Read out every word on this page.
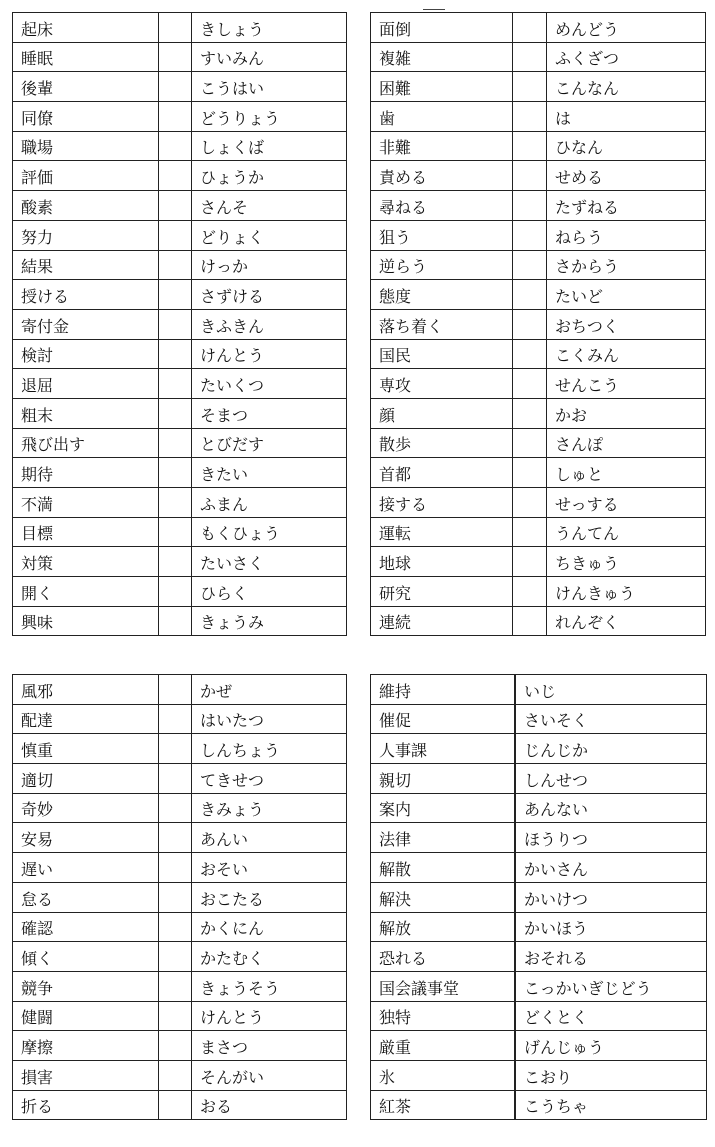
起床		きしょう
睡眠		すいみん
後輩		こうはい
同僚		どうりょう
職場		しょくば
評価		ひょうか
酸素		さんそ
努力		どりょく
結果		けっか
授ける		さずける
寄付金		きふきん
検討		けんとう
退屈		たいくつ
粗末		そまつ
飛び出す		とびだす
期待		きたい
不満		ふまん
目標		もくひょう
対策		たいさく
開く		ひらく
興味		きょうみ
面倒		めんどう
複雑		ふくざつ
困難		こんなん
歯		は
非難		ひなん
責める		せめる
尋ねる		たずねる
狙う		ねらう
逆らう		さからう
態度		たいど
落ち着く		おちつく
国民		こくみん
専攻		せんこう
顔		かお
散歩		さんぽ
首都		しゅと
接する		せっする
運転		うんてん
地球		ちきゅう
研究		けんきゅう
連続		れんぞく
風邪		かぜ
配達		はいたつ
慎重		しんちょう
適切		てきせつ
奇妙		きみょう
安易		あんい
遅い		おそい
怠る		おこたる
確認		かくにん
傾く		かたむく
競争		きょうそう
健闘		けんとう
摩擦		まさつ
損害		そんがい
折る		おる
維持		いじ
催促		さいそく
人事課		じんじか
親切		しんせつ
案内		あんない
法律		ほうりつ
解散		かいさん
解決		かいけつ
解放		かいほう
恐れる		おそれる
国会議事堂		こっかいぎじどう
独特		どくとく
厳重		げんじゅう
氷		こおり
紅茶		こうちゃ
